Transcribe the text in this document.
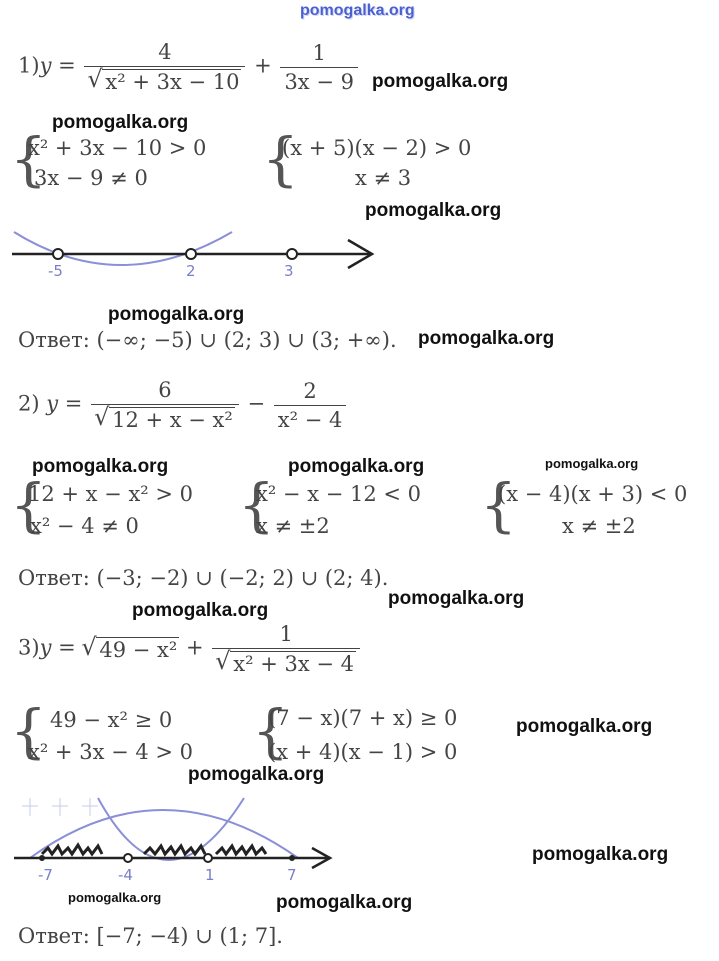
pomogalka.org
1)y = 4
√ $x^2 + 3x - 10 + \frac{1}{3x - 9}$ pomogalka.org
pomogalka.org
{
x² + 3x − 10 > 0
3x − 9 ≠ 0 {
(x + 5)(x − 2) > 0
x ≠ 3
pomogalka.org
-5	2	3
pomogalka.org
Ответ: (−∞; −5) ∪ (2; 3) ∪ (3; +∞). pomogalka.org
2) y = 6
√ $12 + x - x^2 - \frac{2}{\text{x² − 4}}$
pomogalka.org	pomogalka.org	pomogalka.org
{
12 + x − x² > 0
x² − 4 ≠ 0 {
x² − x − 12 < 0
x ≠ ±2	{
(x − 4)(x + 3) < 0
x ≠ ±2
Ответ: (−3; −2) ∪ (−2; 2) ∪ (2; 4).
pomogalka.org
pomogalka.org
3)y = √ 49 − x² + 1
√ x² + 3x − 4
{ 49 − x² ≥ 0
x² + 3x − 4 > 0 {
(7 − x)(7 + x) ≥ 0
(x + 4)(x − 1) > 0
pomogalka.org
pomogalka.org
-7	-4	1	7
pomogalka.org
pomogalka.org	pomogalka.org
Ответ: [−7; −4) ∪ (1; 7].
